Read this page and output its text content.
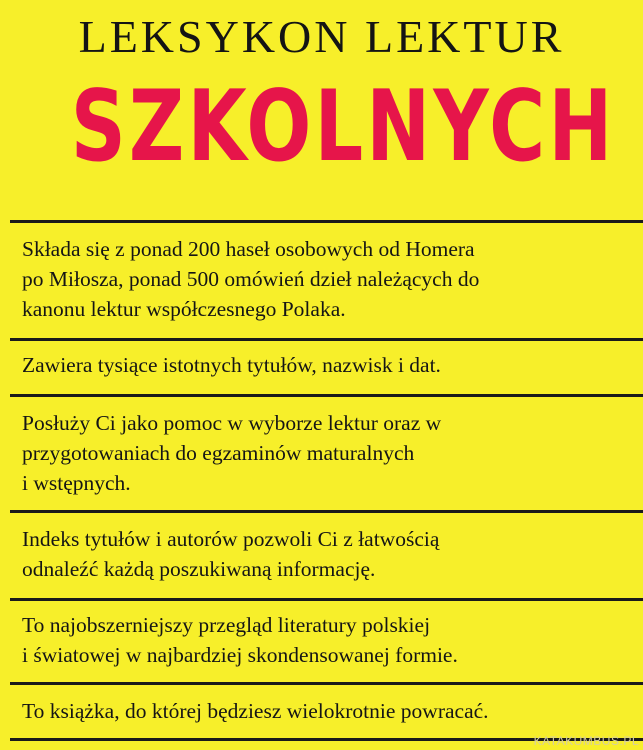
LEKSYKON LEKTUR
SZKOLNYCH
Składa się z ponad 200 haseł osobowych od Homera
po Miłosza, ponad 500 omówień dzieł należących do
kanonu lektur współczesnego Polaka.
Zawiera tysiące istotnych tytułów, nazwisk i dat.
Posłuży Ci jako pomoc w wyborze lektur oraz w
przygotowaniach do egzaminów maturalnych
i wstępnych.
Indeks tytułów i autorów pozwoli Ci z łatwością
odnaleźć każdą poszukiwaną informację.
To najobszerniejszy przegląd literatury polskiej
i światowej w najbardziej skondensowanej formie.
To książka, do której będziesz wielokrotnie powracać.
KATAKUMBUS.PL
